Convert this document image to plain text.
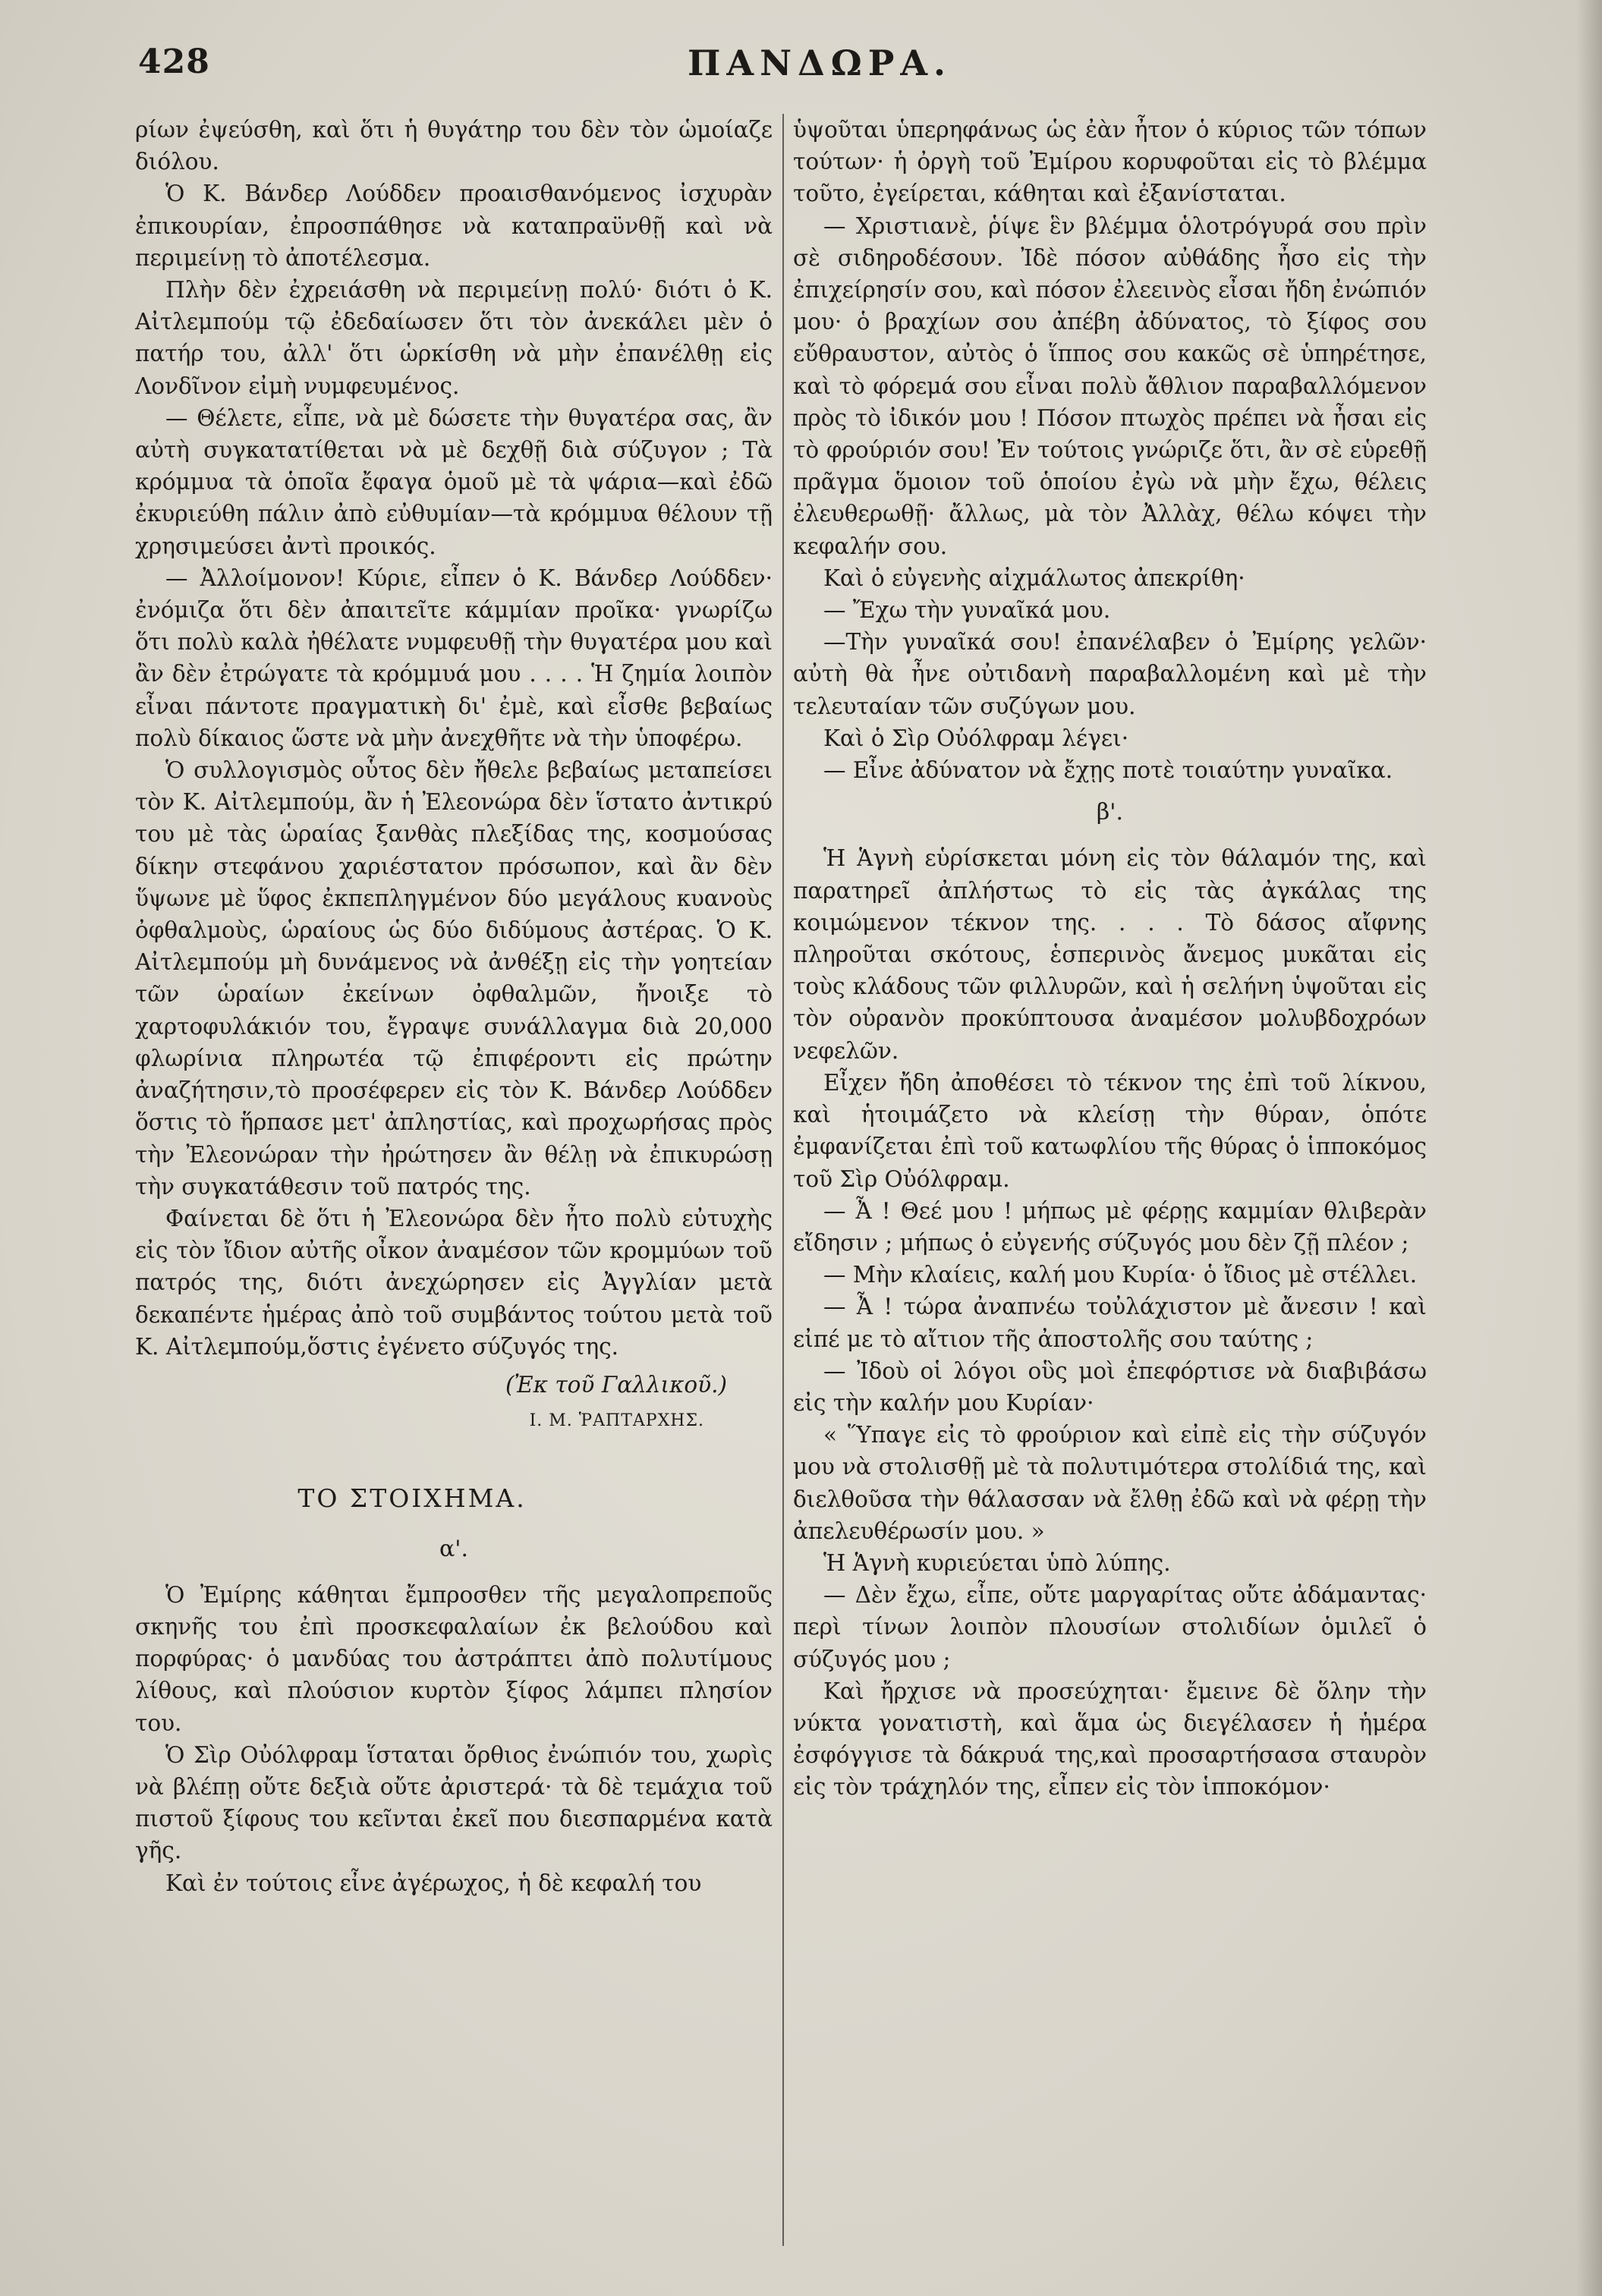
428	ΠΑΝΔΩΡΑ.

ρίων ἐψεύσθη, καὶ ὅτι ἡ θυγάτηρ του δὲν τὸν ὡμοίαζε διόλου.

Ὁ Κ. Βάνδερ Λούδδεν προαισθανόμενος ἰσχυρὰν ἐπικουρίαν, ἐπροσπάθησε νὰ καταπραϋνθῇ καὶ νὰ περιμείνῃ τὸ ἀποτέλεσμα.

Πλὴν δὲν ἐχρειάσθη νὰ περιμείνῃ πολύ· διότι ὁ Κ. Αἰτλεμπούμ τῷ ἐδεδαίωσεν ὅτι τὸν ἀνεκάλει μὲν ὁ πατήρ του, ἀλλ' ὅτι ὡρκίσθη νὰ μὴν ἐπανέλθῃ εἰς Λονδῖνον εἰμὴ νυμφευμένος.

— Θέλετε, εἶπε, νὰ μὲ δώσετε τὴν θυγατέρα σας, ἂν αὐτὴ συγκατατίθεται νὰ μὲ δεχθῇ διὰ σύζυγον ; Τὰ κρόμμυα τὰ ὁποῖα ἔφαγα ὁμοῦ μὲ τὰ ψάρια—καὶ ἐδῶ ἐκυριεύθη πάλιν ἀπὸ εὐθυμίαν—τὰ κρόμμυα θέλουν τῇ χρησιμεύσει ἀντὶ προικός.

— Ἀλλοίμονον! Κύριε, εἶπεν ὁ Κ. Βάνδερ Λούδδεν· ἐνόμιζα ὅτι δὲν ἀπαιτεῖτε κάμμίαν προῖκα· γνωρίζω ὅτι πολὺ καλὰ ἠθέλατε νυμφευθῇ τὴν θυγατέρα μου καὶ ἂν δὲν ἐτρώγατε τὰ κρόμμυά μου . . . . Ἡ ζημία λοιπὸν εἶναι πάντοτε πραγματικὴ δι' ἐμὲ, καὶ εἶσθε βεβαίως πολὺ δίκαιος ὥστε νὰ μὴν ἀνεχθῆτε νὰ τὴν ὑποφέρω.

Ὁ συλλογισμὸς οὗτος δὲν ἤθελε βεβαίως μεταπείσει τὸν Κ. Αἰτλεμπούμ, ἂν ἡ Ἐλεονώρα δὲν ἵστατο ἀντικρύ του μὲ τὰς ὡραίας ξανθὰς πλεξίδας της, κοσμούσας δίκην στεφάνου χαριέστατον πρόσωπον, καὶ ἂν δὲν ὕψωνε μὲ ὕφος ἐκπεπληγμένον δύο μεγάλους κυανοὺς ὀφθαλμοὺς, ὡραίους ὡς δύο διδύμους ἀστέρας. Ὁ Κ. Αἰτλεμπούμ μὴ δυνάμενος νὰ ἀνθέξῃ εἰς τὴν γοητείαν τῶν ὡραίων ἐκείνων ὀφθαλμῶν, ἤνοιξε τὸ χαρτοφυλάκιόν του, ἔγραψε συνάλλαγμα διὰ 20,000 φλωρίνια πληρωτέα τῷ ἐπιφέροντι εἰς πρώτην ἀναζήτησιν,τὸ προσέφερεν εἰς τὸν Κ. Βάνδερ Λούδδεν ὅστις τὸ ἥρπασε μετ' ἀπληστίας, καὶ προχωρήσας πρὸς τὴν Ἐλεονώραν τὴν ἠρώτησεν ἂν θέλῃ νὰ ἐπικυρώσῃ τὴν συγκατάθεσιν τοῦ πατρός της.

Φαίνεται δὲ ὅτι ἡ Ἐλεονώρα δὲν ἦτο πολὺ εὐτυχὴς εἰς τὸν ἴδιον αὐτῆς οἶκον ἀναμέσον τῶν κρομμύων τοῦ πατρός της, διότι ἀνεχώρησεν εἰς Ἀγγλίαν μετὰ δεκαπέντε ἡμέρας ἀπὸ τοῦ συμβάντος τούτου μετὰ τοῦ Κ. Αἰτλεμπούμ,ὅστις ἐγένετο σύζυγός της.

(Ἐκ τοῦ Γαλλικοῦ.)

Ι. Μ. ῬΑΠΤΑΡΧΗΣ.

ΤΟ ΣΤΟΙΧΗΜΑ.

α'.

Ὁ Ἐμίρης κάθηται ἔμπροσθεν τῆς μεγαλοπρεποῦς σκηνῆς του ἐπὶ προσκεφαλαίων ἐκ βελούδου καὶ πορφύρας· ὁ μανδύας του ἀστράπτει ἀπὸ πολυτίμους λίθους, καὶ πλούσιον κυρτὸν ξίφος λάμπει πλησίον του.

Ὁ Σὶρ Οὐόλφραμ ἵσταται ὄρθιος ἐνώπιόν του, χωρὶς νὰ βλέπῃ οὔτε δεξιὰ οὔτε ἀριστερά· τὰ δὲ τεμάχια τοῦ πιστοῦ ξίφους του κεῖνται ἐκεῖ που διεσπαρμένα κατὰ γῆς.

Καὶ ἐν τούτοις εἶνε ἀγέρωχος, ἡ δὲ κεφαλή του

ὑψοῦται ὑπερηφάνως ὡς ἐὰν ἦτον ὁ κύριος τῶν τόπων τούτων· ἡ ὀργὴ τοῦ Ἐμίρου κορυφοῦται εἰς τὸ βλέμμα τοῦτο, ἐγείρεται, κάθηται καὶ ἐξανίσταται.

— Χριστιανὲ, ῥίψε ἓν βλέμμα ὁλοτρόγυρά σου πρὶν σὲ σιδηροδέσουν. Ἰδὲ πόσον αὐθάδης ἦσο εἰς τὴν ἐπιχείρησίν σου, καὶ πόσον ἐλεεινὸς εἶσαι ἤδη ἐνώπιόν μου· ὁ βραχίων σου ἀπέβη ἀδύνατος, τὸ ξίφος σου εὔθραυστον, αὐτὸς ὁ ἵππος σου κακῶς σὲ ὑπηρέτησε, καὶ τὸ φόρεμά σου εἶναι πολὺ ἄθλιον παραβαλλόμενον πρὸς τὸ ἰδικόν μου ! Πόσον πτωχὸς πρέπει νὰ ἦσαι εἰς τὸ φρούριόν σου! Ἐν τούτοις γνώριζε ὅτι, ἂν σὲ εὑρεθῇ πρᾶγμα ὅμοιον τοῦ ὁποίου ἐγὼ νὰ μὴν ἔχω, θέλεις ἐλευθερωθῇ· ἄλλως, μὰ τὸν Ἀλλὰχ, θέλω κόψει τὴν κεφαλήν σου.

Καὶ ὁ εὐγενὴς αἰχμάλωτος ἀπεκρίθη·

— Ἔχω τὴν γυναῖκά μου.

—Τὴν γυναῖκά σου! ἐπανέλαβεν ὁ Ἐμίρης γελῶν· αὐτὴ θὰ ἦνε οὐτιδανὴ παραβαλλομένη καὶ μὲ τὴν τελευταίαν τῶν συζύγων μου.

Καὶ ὁ Σὶρ Οὐόλφραμ λέγει·

— Εἶνε ἀδύνατον νὰ ἔχῃς ποτὲ τοιαύτην γυναῖκα.

β'.

Ἡ Ἁγνὴ εὑρίσκεται μόνη εἰς τὸν θάλαμόν της, καὶ παρατηρεῖ ἀπλήστως τὸ εἰς τὰς ἀγκάλας της κοιμώμενον τέκνον της. . . . Τὸ δάσος αἴφνης πληροῦται σκότους, ἑσπερινὸς ἄνεμος μυκᾶται εἰς τοὺς κλάδους τῶν φιλλυρῶν, καὶ ἡ σελήνη ὑψοῦται εἰς τὸν οὐρανὸν προκύπτουσα ἀναμέσον μολυβδοχρόων νεφελῶν.

Εἶχεν ἤδη ἀποθέσει τὸ τέκνον της ἐπὶ τοῦ λίκνου, καὶ ἡτοιμάζετο νὰ κλείσῃ τὴν θύραν, ὁπότε ἐμφανίζεται ἐπὶ τοῦ κατωφλίου τῆς θύρας ὁ ἱπποκόμος τοῦ Σὶρ Οὐόλφραμ.

— Ἆ ! Θεέ μου ! μήπως μὲ φέρῃς καμμίαν θλιβερὰν εἴδησιν ; μήπως ὁ εὐγενής σύζυγός μου δὲν ζῇ πλέον ;

— Μὴν κλαίεις, καλή μου Κυρία· ὁ ἴδιος μὲ στέλλει.

— Ἆ ! τώρα ἀναπνέω τοὐλάχιστον μὲ ἄνεσιν ! καὶ εἰπέ με τὸ αἴτιον τῆς ἀποστολῆς σου ταύτης ;

— Ἰδοὺ οἱ λόγοι οὓς μοὶ ἐπεφόρτισε νὰ διαβιβάσω εἰς τὴν καλήν μου Κυρίαν·

« Ὕπαγε εἰς τὸ φρούριον καὶ εἰπὲ εἰς τὴν σύζυγόν μου νὰ στολισθῇ μὲ τὰ πολυτιμότερα στολίδιά της, καὶ διελθοῦσα τὴν θάλασσαν νὰ ἔλθῃ ἐδῶ καὶ νὰ φέρῃ τὴν ἀπελευθέρωσίν μου. »

Ἡ Ἁγνὴ κυριεύεται ὑπὸ λύπης.

— Δὲν ἔχω, εἶπε, οὔτε μαργαρίτας οὔτε ἀδάμαντας· περὶ τίνων λοιπὸν πλουσίων στολιδίων ὁμιλεῖ ὁ σύζυγός μου ;

Καὶ ἤρχισε νὰ προσεύχηται· ἔμεινε δὲ ὅλην τὴν νύκτα γονατιστὴ, καὶ ἅμα ὡς διεγέλασεν ἡ ἡμέρα ἐσφόγγισε τὰ δάκρυά της,καὶ προσαρτήσασα σταυρὸν εἰς τὸν τράχηλόν της, εἶπεν εἰς τὸν ἱπποκόμον·
